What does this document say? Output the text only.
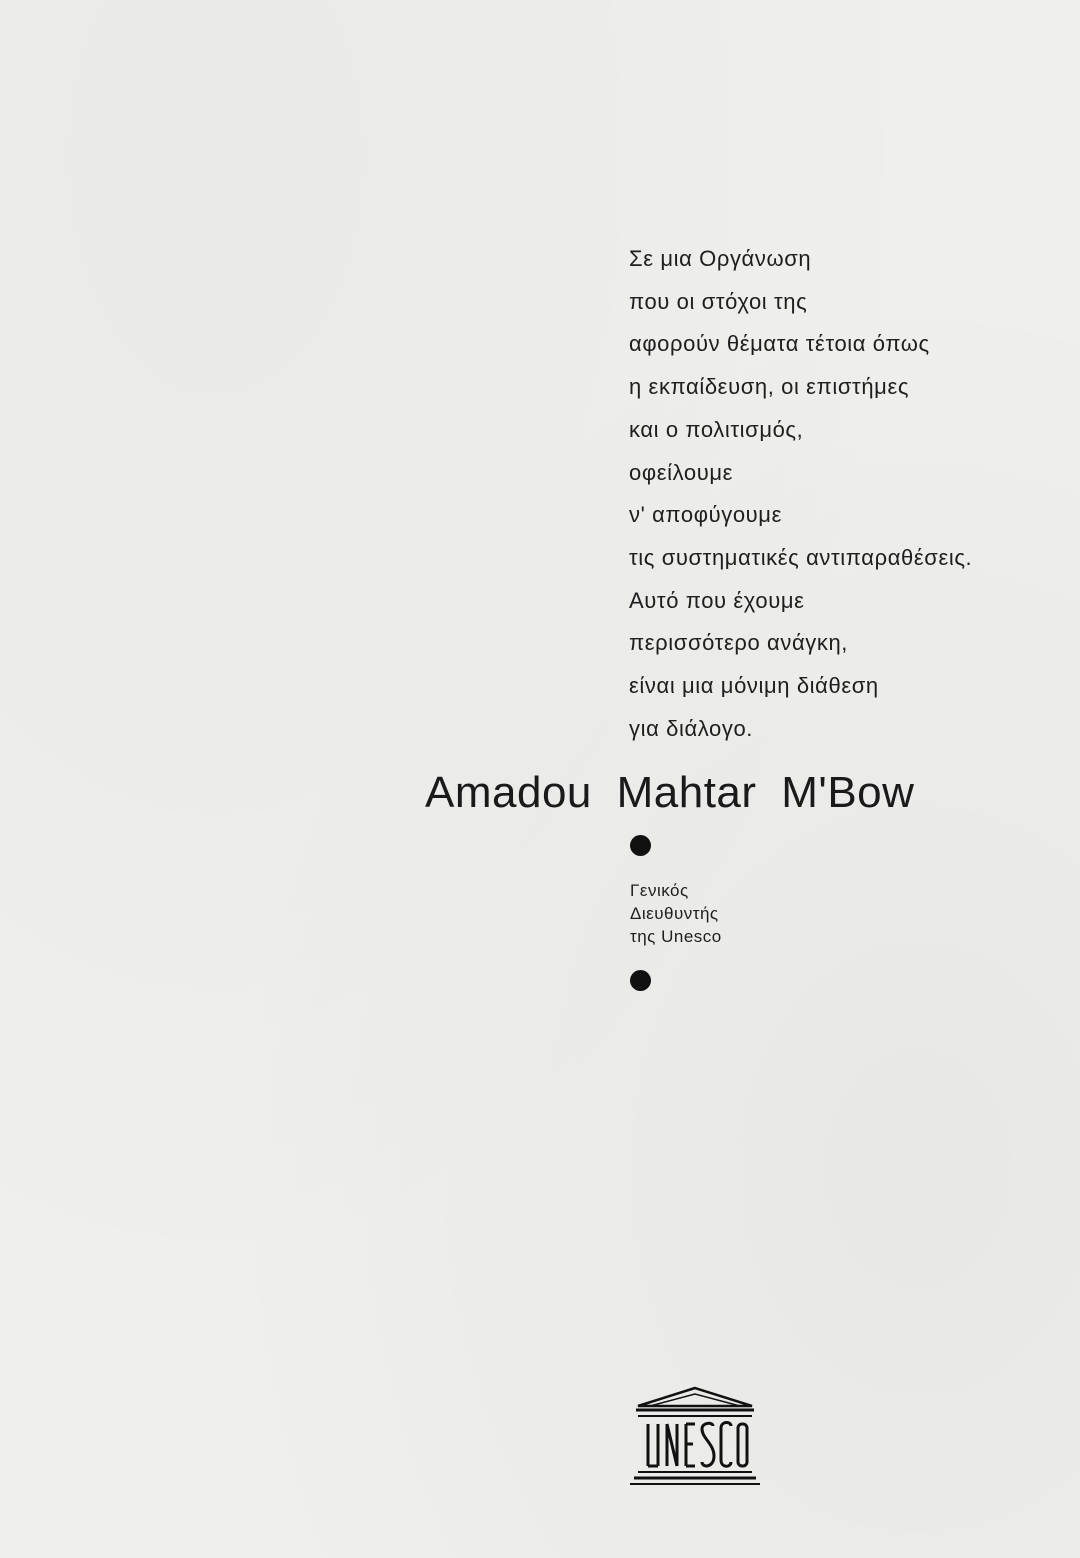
Σε μια Οργάνωση
που οι στόχοι της
αφορούν θέματα τέτοια όπως
η εκπαίδευση, οι επιστήμες
και ο πολιτισμός,
οφείλουμε
ν' αποφύγουμε
τις συστηματικές αντιπαραθέσεις.
Αυτό που έχουμε
περισσότερο ανάγκη,
είναι μια μόνιμη διάθεση
για διάλογο.
Amadou Mahtar M'Bow
Γενικός
Διευθυντής
της Unesco
